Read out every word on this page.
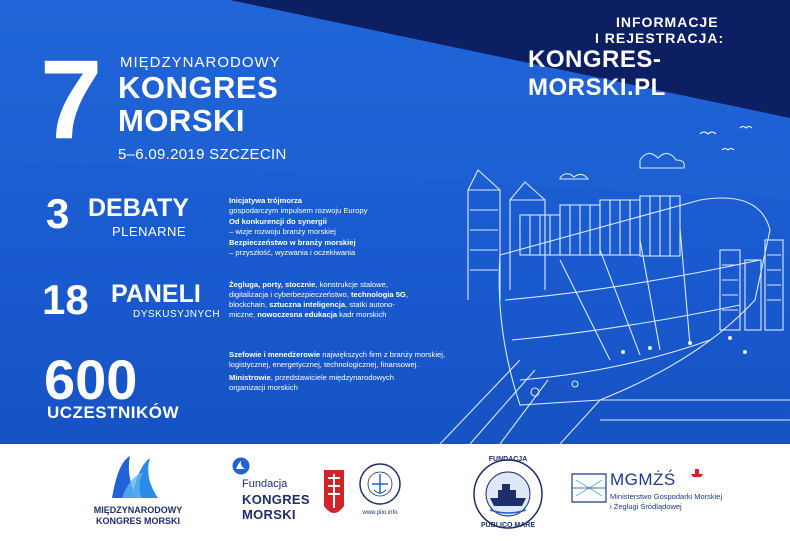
7 MIĘDZYNARODOWY

KONGRES

MORSKI

5–6.09.2019 SZCZECIN

INFORMACJE

I REJESTRACJA:

KONGRES-MORSKI.PL

3 DEBATY

PLENARNE

Inicjatywa trójmorza
gospodarczym impulsem rozwoju Europy
Od konkurencji do synergii
– wizje rozwoju branży morskiej
Bezpieczeństwo w branży morskiej
– przyszłość, wyzwania i oczekiwania

18 PANELI

DYSKUSYJNYCH

Żegluga, porty, stocznie, konstrukcje stalowe,
digitalizacja i cyberbezpieczeństwo, technologia 5G,
blockchain, sztuczna inteligencja, statki autono-
miczne, nowoczesna edukacja kadr morskich

600

UCZESTNIKÓW

Szefowie i menedżerowie największych firm z branży morskiej,
logistycznej, energetycznej, technologicznej, finansowej.
Ministrowie, przedstawiciele międzynarodowych
organizacji morskich

MIĘDZYNARODOWY

KONGRES MORSKI

Fundacja

KONGRES

MORSKI	www.piio.info

FUNDACJA

PUBLICO MARE

MGMŻŚ

Ministerstwo Gospodarki Morskiej

i Żeglugi Śródlądowej
